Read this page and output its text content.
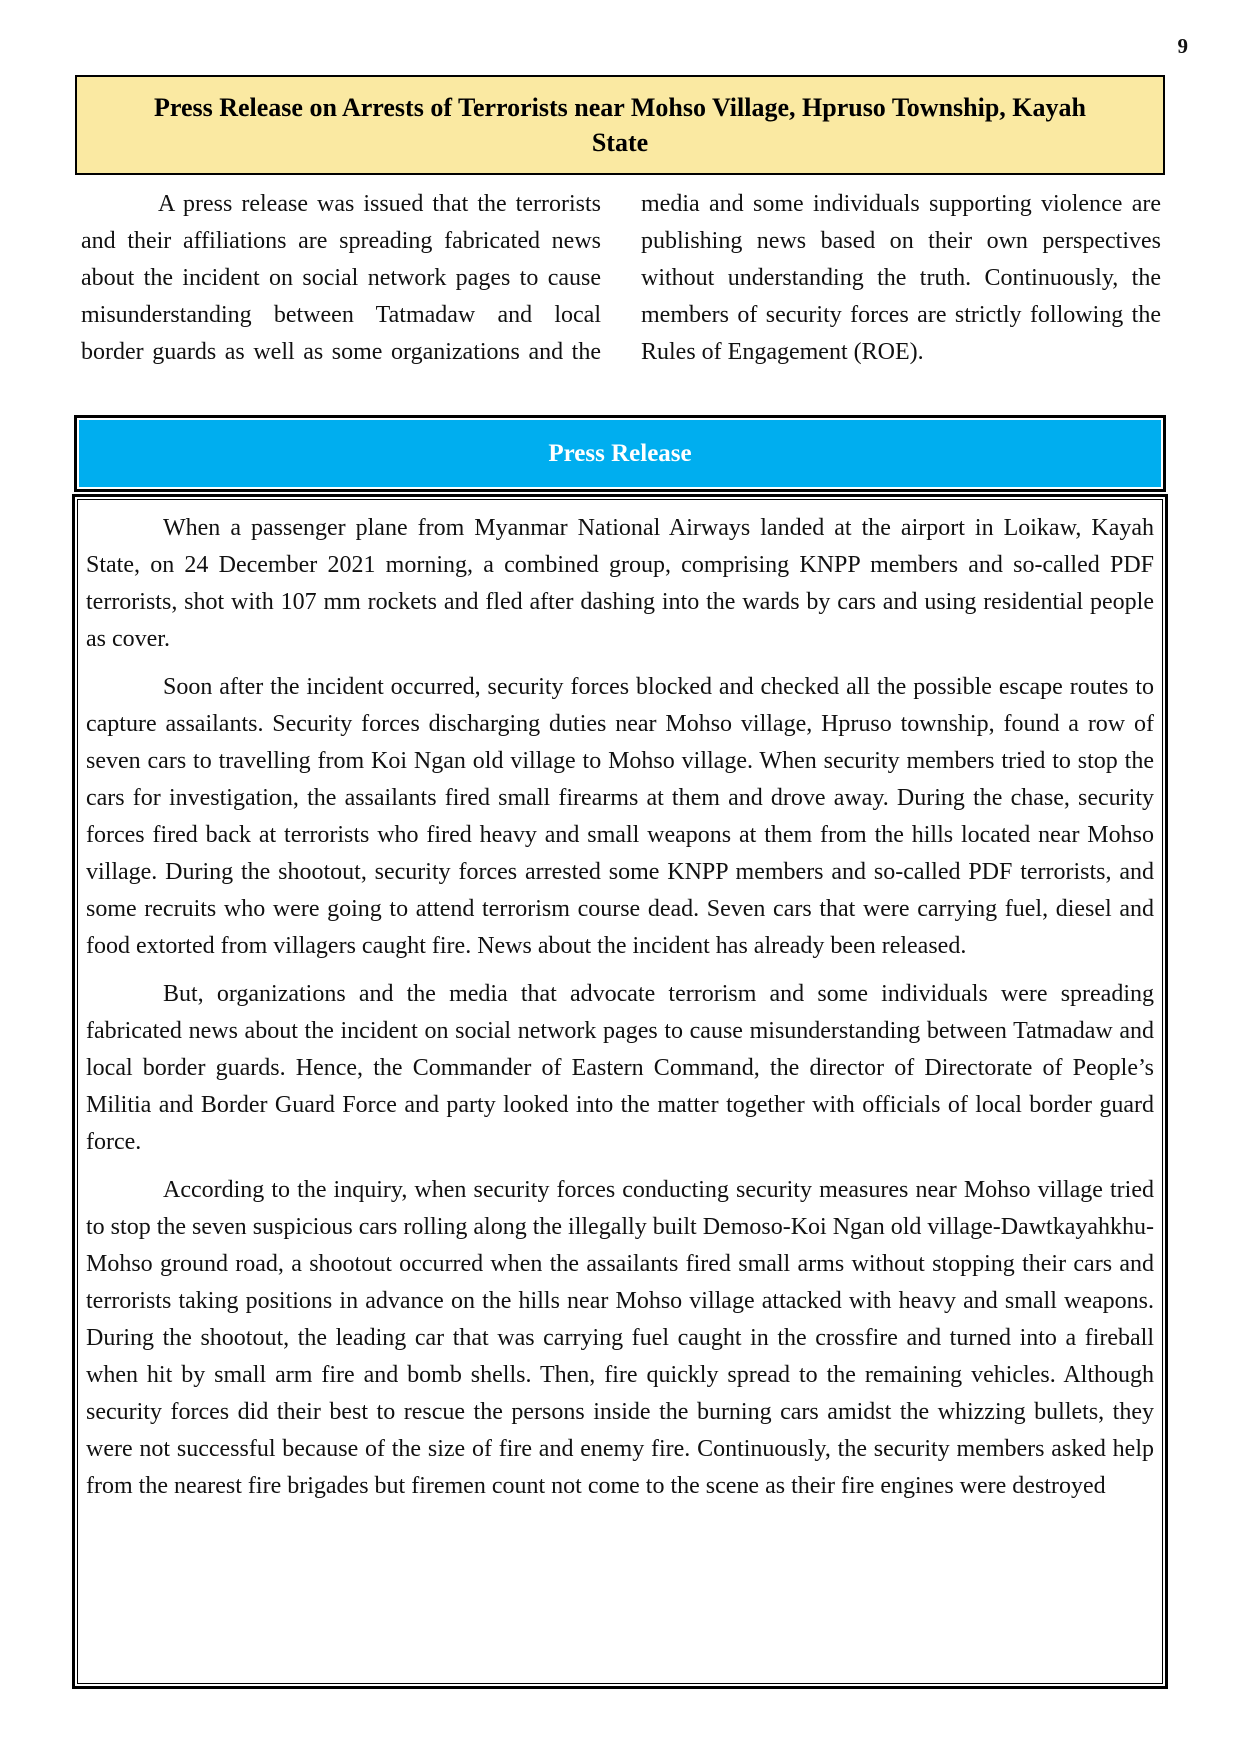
9
Press Release on Arrests of Terrorists near Mohso Village, Hpruso Township, Kayah State

A press release was issued that the terrorists and their affiliations are spreading fabricated news about the incident on social network pages to cause misunderstanding between Tatmadaw and local border guards as well as some organizations and the media and some individuals supporting violence are publishing news based on their own perspectives without understanding the truth. Continuously, the members of security forces are strictly following the Rules of Engagement (ROE).

Press Release

When a passenger plane from Myanmar National Airways landed at the airport in Loikaw, Kayah State, on 24 December 2021 morning, a combined group, comprising KNPP members and so-called PDF terrorists, shot with 107 mm rockets and fled after dashing into the wards by cars and using residential people as cover.

Soon after the incident occurred, security forces blocked and checked all the possible escape routes to capture assailants. Security forces discharging duties near Mohso village, Hpruso township, found a row of seven cars to travelling from Koi Ngan old village to Mohso village. When security members tried to stop the cars for investigation, the assailants fired small firearms at them and drove away. During the chase, security forces fired back at terrorists who fired heavy and small weapons at them from the hills located near Mohso village. During the shootout, security forces arrested some KNPP members and so-called PDF terrorists, and some recruits who were going to attend terrorism course dead. Seven cars that were carrying fuel, diesel and food extorted from villagers caught fire. News about the incident has already been released.

But, organizations and the media that advocate terrorism and some individuals were spreading fabricated news about the incident on social network pages to cause misunderstanding between Tatmadaw and local border guards. Hence, the Commander of Eastern Command, the director of Directorate of People’s Militia and Border Guard Force and party looked into the matter together with officials of local border guard force.

According to the inquiry, when security forces conducting security measures near Mohso village tried to stop the seven suspicious cars rolling along the illegally built Demoso-Koi Ngan old village-Dawtkayahkhu-Mohso ground road, a shootout occurred when the assailants fired small arms without stopping their cars and terrorists taking positions in advance on the hills near Mohso village attacked with heavy and small weapons. During the shootout, the leading car that was carrying fuel caught in the crossfire and turned into a fireball when hit by small arm fire and bomb shells. Then, fire quickly spread to the remaining vehicles. Although security forces did their best to rescue the persons inside the burning cars amidst the whizzing bullets, they were not successful because of the size of fire and enemy fire. Continuously, the security members asked help from the nearest fire brigades but firemen count not come to the scene as their fire engines were destroyed
